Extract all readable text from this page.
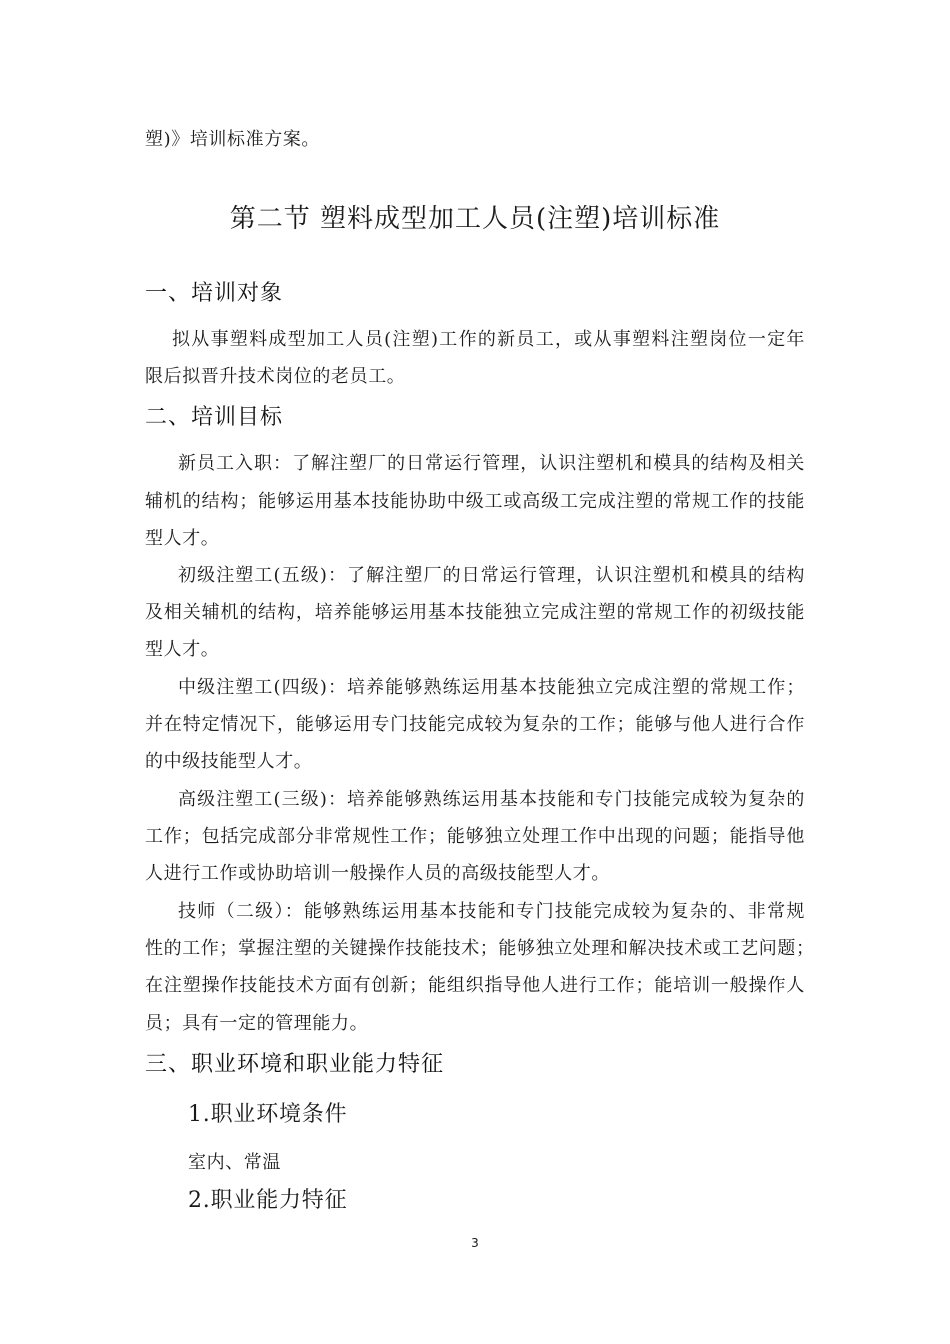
塑)》培训标准方案。
第二节 塑料成型加工人员(注塑)培训标准
一、培训对象
拟从事塑料成型加工人员(注塑)工作的新员工，或从事塑料注塑岗位一定年
限后拟晋升技术岗位的老员工。
二、培训目标
新员工入职：了解注塑厂的日常运行管理，认识注塑机和模具的结构及相关
辅机的结构；能够运用基本技能协助中级工或高级工完成注塑的常规工作的技能
型人才。
初级注塑工(五级)：了解注塑厂的日常运行管理，认识注塑机和模具的结构
及相关辅机的结构，培养能够运用基本技能独立完成注塑的常规工作的初级技能
型人才。
中级注塑工(四级)：培养能够熟练运用基本技能独立完成注塑的常规工作；
并在特定情况下，能够运用专门技能完成较为复杂的工作；能够与他人进行合作
的中级技能型人才。
高级注塑工(三级)：培养能够熟练运用基本技能和专门技能完成较为复杂的
工作；包括完成部分非常规性工作；能够独立处理工作中出现的问题；能指导他
人进行工作或协助培训一般操作人员的高级技能型人才。
技师（二级）：能够熟练运用基本技能和专门技能完成较为复杂的、非常规
性的工作；掌握注塑的关键操作技能技术；能够独立处理和解决技术或工艺问题；
在注塑操作技能技术方面有创新；能组织指导他人进行工作；能培训一般操作人
员；具有一定的管理能力。
三、职业环境和职业能力特征
1.职业环境条件
室内、常温
2.职业能力特征
3
